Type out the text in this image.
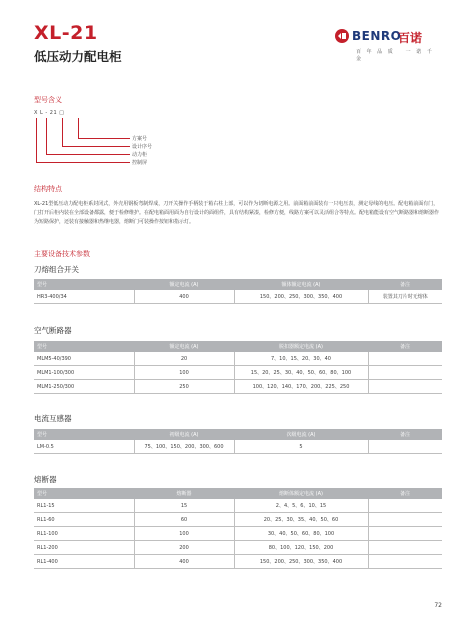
XL-21
低压动力配电柜
BENRO
百诺
百 年 品 质 一 诺 千 金
型号含义
X L - 21 □
方案号
设计序号
动力柜
控制屏
结构特点
XL-21型低压动力配电柜系封闭式，外壳用钢板弯制焊成，刀开关操作手柄装于箱右柱上部，可以作为切断电源之用。前面箱前面装有一只电压表，测定母线的电压。配电箱前面有门，门打开后柜内装在全部设备都露，便于检修维护。在配电箱面用面为自行设计的面组件，具有结构紧凑，检修方便，线路方案可以灵活组合等特点。配电箱能设有空气断路器和熔断器作为短路保护，还装有接触器和热继电器，熔断门可装操作按钮和指示灯。
主要设备技术参数
刀熔组合开关
型号	额定电流 (A)	额体额定电流 (A)	备注
HR3-400/34	400	150、200、250、300、350、400	装置其刀片时无熔体
空气断路器
型号	额定电流 (A)	脱扣器额定电流 (A)	备注
MLM5-40/390	20	7、10、15、20、30、40	
MLM1-100/300	100	15、20、25、30、40、50、60、80、100	
MLM1-250/300	250	100、120、140、170、200、225、250	
电流互感器
型号	初级电流 (A)	次级电流 (A)	备注
LM-0.5	75、100、150、200、300、600	5	
熔断器
型号	熔断器	熔断体额定电流 (A)	备注
RL1-15	15	2、4、5、6、10、15	
RL1-60	60	20、25、30、35、40、50、60	
RL1-100	100	30、40、50、60、80、100	
RL1-200	200	80、100、120、150、200	
RL1-400	400	150、200、250、300、350、400	
72
